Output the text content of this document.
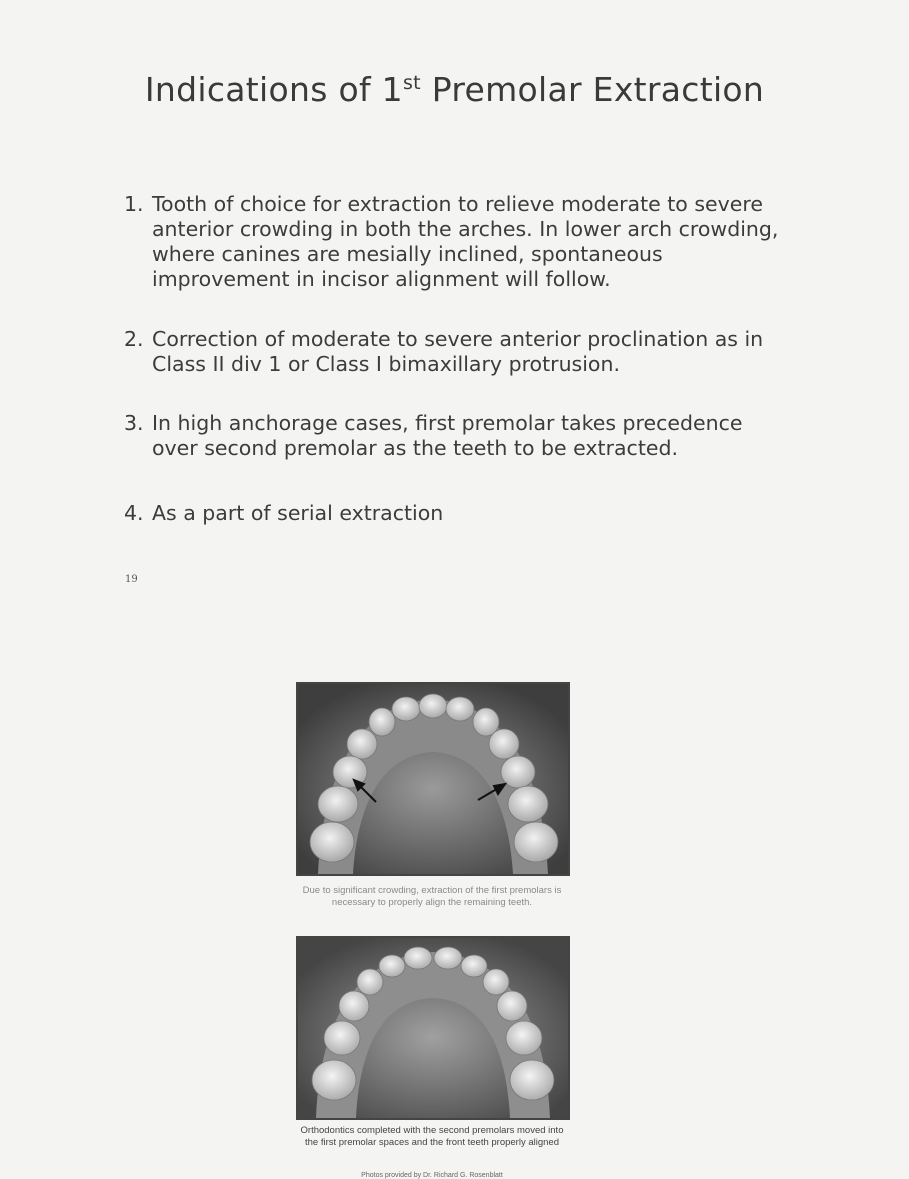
Indications of 1st Premolar Extraction
1. Tooth of choice for extraction to relieve moderate to severe anterior crowding in both the arches. In lower arch crowding, where canines are mesially inclined, spontaneous improvement in incisor alignment will follow.
2. Correction of moderate to severe anterior proclination as in Class II div 1 or Class I bimaxillary protrusion.
3. In high anchorage cases, first premolar takes precedence over second premolar as the teeth to be extracted.
4. As a part of serial extraction
19
Due to significant crowding, extraction of the first premolars is necessary to properly align the remaining teeth.
Orthodontics completed with the second premolars moved into the first premolar spaces and the front teeth properly aligned
Photos provided by Dr. Richard G. Rosenblatt
